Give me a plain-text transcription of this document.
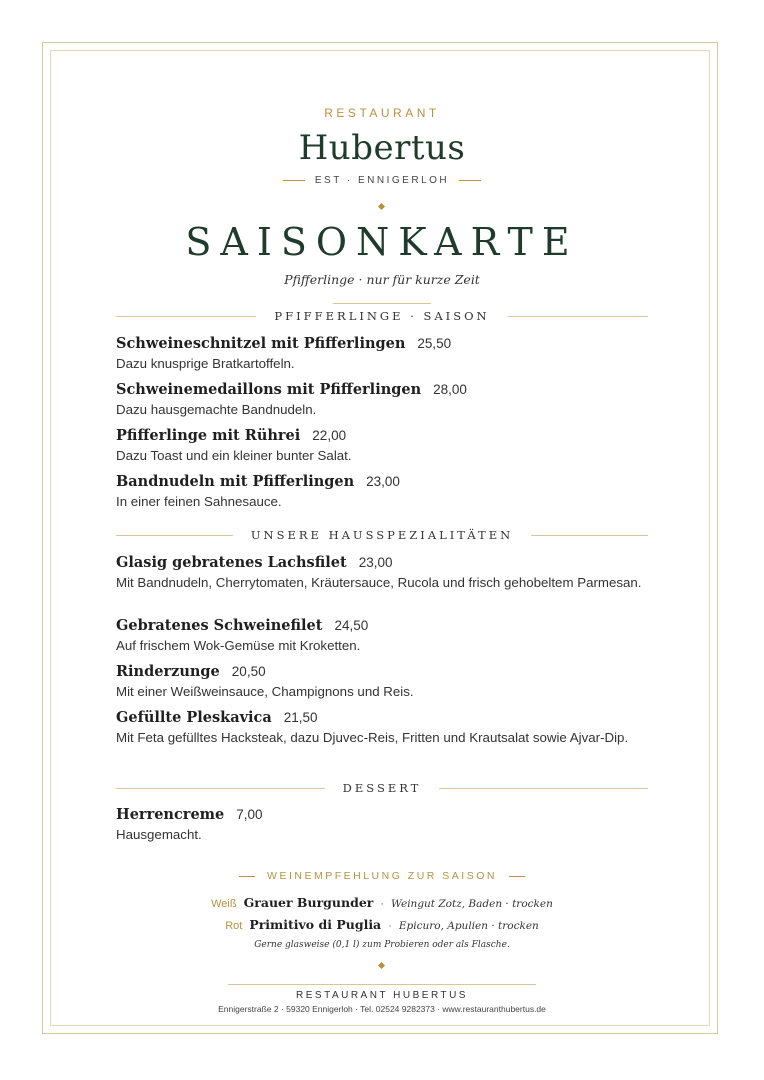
RESTAURANT
Hubertus
EST · ENNIGERLOH
SAISONKARTE
Pfifferlinge · nur für kurze Zeit
PFIFFERLINGE · SAISON
Schweineschnitzel mit Pfifferlingen 25,50
Dazu knusprige Bratkartoffeln.
Schweinemedaillons mit Pfifferlingen 28,00
Dazu hausgemachte Bandnudeln.
Pfifferlinge mit Rührei 22,00
Dazu Toast und ein kleiner bunter Salat.
Bandnudeln mit Pfifferlingen 23,00
In einer feinen Sahnesauce.
UNSERE HAUSSPEZIALITÄTEN
Glasig gebratenes Lachsfilet 23,00
Mit Bandnudeln, Cherrytomaten, Kräutersauce, Rucola und frisch gehobeltem Parmesan.
Gebratenes Schweinefilet 24,50
Auf frischem Wok-Gemüse mit Kroketten.
Rinderzunge 20,50
Mit einer Weißweinsauce, Champignons und Reis.
Gefüllte Pleskavica 21,50
Mit Feta gefülltes Hacksteak, dazu Djuvec-Reis, Fritten und Krautsalat sowie Ajvar-Dip.
DESSERT
Herrencreme 7,00
Hausgemacht.
WEINEMPFEHLUNG ZUR SAISON
Weiß Grauer Burgunder · Weingut Zotz, Baden · trocken
Rot Primitivo di Puglia · Epicuro, Apulien · trocken
Gerne glasweise (0,1 l) zum Probieren oder als Flasche.
RESTAURANT HUBERTUS
Ennigerstraße 2 · 59320 Ennigerloh · Tel. 02524 9282373 · www.restauranthubertus.de
